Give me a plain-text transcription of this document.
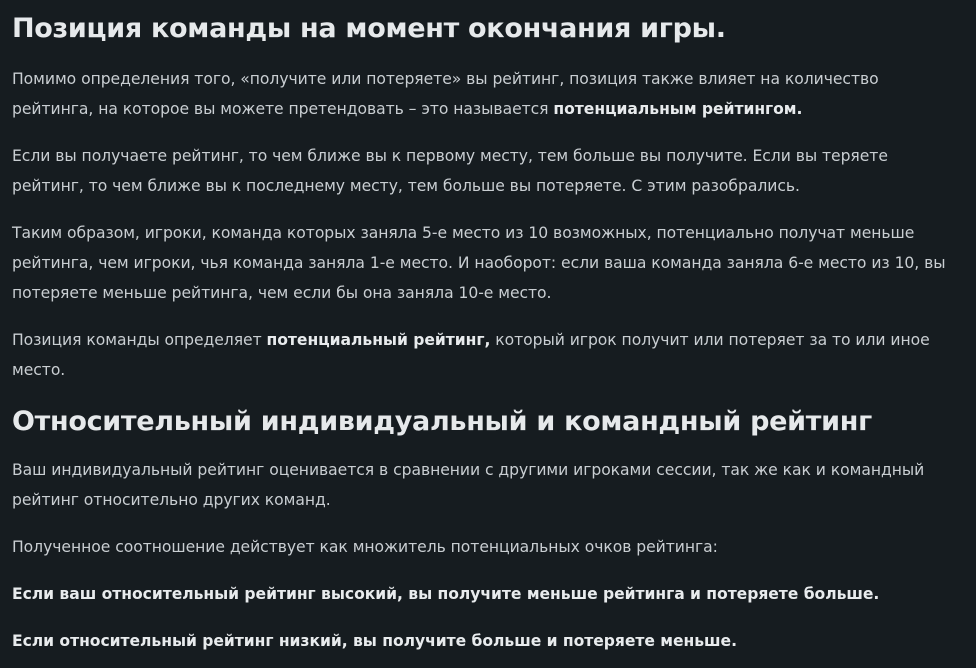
Позиция команды на момент окончания игры.

Помимо определения того, «получите или потеряете» вы рейтинг, позиция также влияет на количество рейтинга, на которое вы можете претендовать – это называется потенциальным рейтингом.

Если вы получаете рейтинг, то чем ближе вы к первому месту, тем больше вы получите. Если вы теряете рейтинг, то чем ближе вы к последнему месту, тем больше вы потеряете. С этим разобрались.

Таким образом, игроки, команда которых заняла 5-е место из 10 возможных, потенциально получат меньше рейтинга, чем игроки, чья команда заняла 1-е место. И наоборот: если ваша команда заняла 6-е место из 10, вы потеряете меньше рейтинга, чем если бы она заняла 10-е место.

Позиция команды определяет потенциальный рейтинг, который игрок получит или потеряет за то или иное место.

Относительный индивидуальный и командный рейтинг

Ваш индивидуальный рейтинг оценивается в сравнении с другими игроками сессии, так же как и командный рейтинг относительно других команд.

Полученное соотношение действует как множитель потенциальных очков рейтинга:

Если ваш относительный рейтинг высокий, вы получите меньше рейтинга и потеряете больше.

Если относительный рейтинг низкий, вы получите больше и потеряете меньше.
